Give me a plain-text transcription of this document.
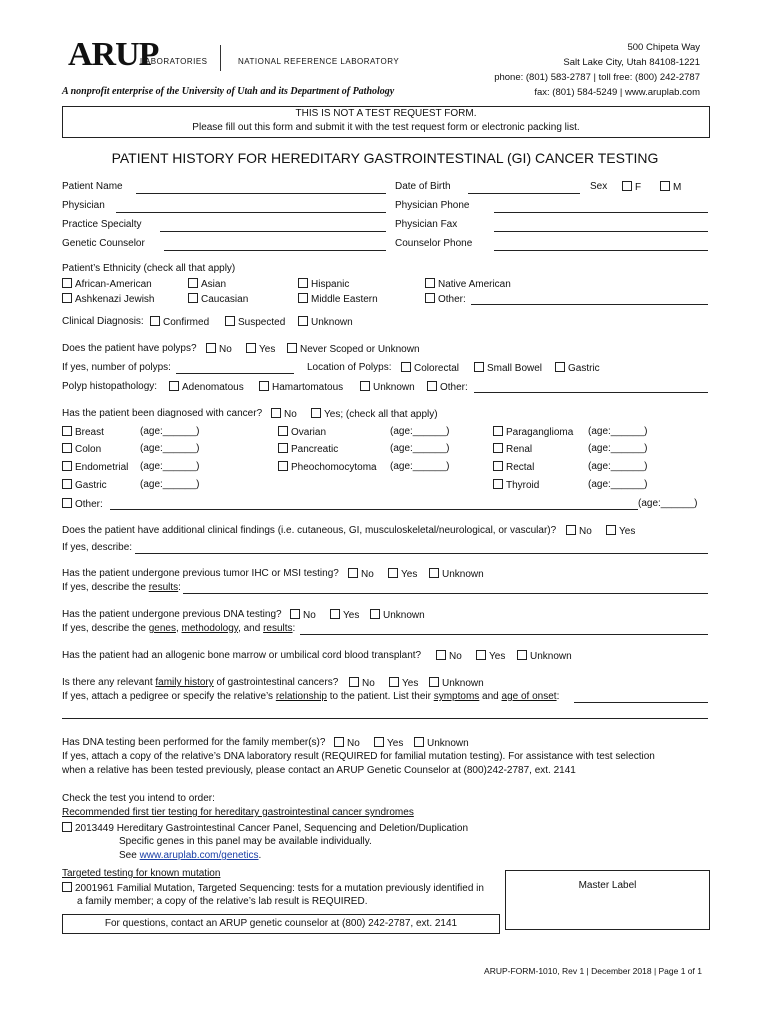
ARUP
LABORATORIES	NATIONAL REFERENCE LABORATORY
A nonprofit enterprise of the University of Utah and its Department of Pathology
500 Chipeta Way
Salt Lake City, Utah 84108-1221
phone: (801) 583-2787 | toll free: (800) 242-2787
fax: (801) 584-5249 | www.aruplab.com
THIS IS NOT A TEST REQUEST FORM.
Please fill out this form and submit it with the test request form or electronic packing list.
PATIENT HISTORY FOR HEREDITARY GASTROINTESTINAL (GI) CANCER TESTING
Patient Name	Date of Birth	Sex	F	M
Physician	Physician Phone
Practice Specialty	Physician Fax
Genetic Counselor	Counselor Phone
Patient’s Ethnicity (check all that apply)
African-American	Asian	Hispanic	Native American
Ashkenazi Jewish	Caucasian	Middle Eastern	Other:
Clinical Diagnosis:	Confirmed	Suspected	Unknown
Does the patient have polyps?	No	Yes	Never Scoped or Unknown
If yes, number of polyps:	Location of Polyps:	Colorectal	Small Bowel	Gastric
Polyp histopathology:	Adenomatous	Hamartomatous	Unknown	Other:
Has the patient been diagnosed with cancer?	No	Yes; (check all that apply)
Breast	(age:______)	Ovarian	(age:______)	Paraganglioma (age:______)
Colon	(age:______)	Pancreatic	(age:______)	Renal	(age:______)
Endometrial (age:______)	Pheochomocytoma (age:______)	Rectal	(age:______)
Gastric	(age:______)	Thyroid	(age:______)
Other:	(age:______)
Does the patient have additional clinical findings (i.e. cutaneous, GI, musculoskeletal/neurological, or vascular)?	No	Yes
If yes, describe:
Has the patient undergone previous tumor IHC or MSI testing?	No	Yes	Unknown
If yes, describe the results:
Has the patient undergone previous DNA testing?	No	Yes	Unknown
If yes, describe the genes, methodology, and results:
Has the patient had an allogenic bone marrow or umbilical cord blood transplant?	No	Yes	Unknown
Is there any relevant family history of gastrointestinal cancers?	No	Yes	Unknown
If yes, attach a pedigree or specify the relative’s relationship to the patient. List their symptoms and age of onset:
Has DNA testing been performed for the family member(s)?	No	Yes	Unknown
If yes, attach a copy of the relative’s DNA laboratory result (REQUIRED for familial mutation testing). For assistance with test selection
when a relative has been tested previously, please contact an ARUP Genetic Counselor at (800)242-2787, ext. 2141
Check the test you intend to order:
Recommended first tier testing for hereditary gastrointestinal cancer syndromes
2013449 Hereditary Gastrointestinal Cancer Panel, Sequencing and Deletion/Duplication
Specific genes in this panel may be available individually.
See www.aruplab.com/genetics.
Targeted testing for known mutation
2001961 Familial Mutation, Targeted Sequencing: tests for a mutation previously identified in
a family member; a copy of the relative’s lab result is REQUIRED.
Master Label
For questions, contact an ARUP genetic counselor at (800) 242-2787, ext. 2141
ARUP-FORM-1010, Rev 1 | December 2018 | Page 1 of 1
